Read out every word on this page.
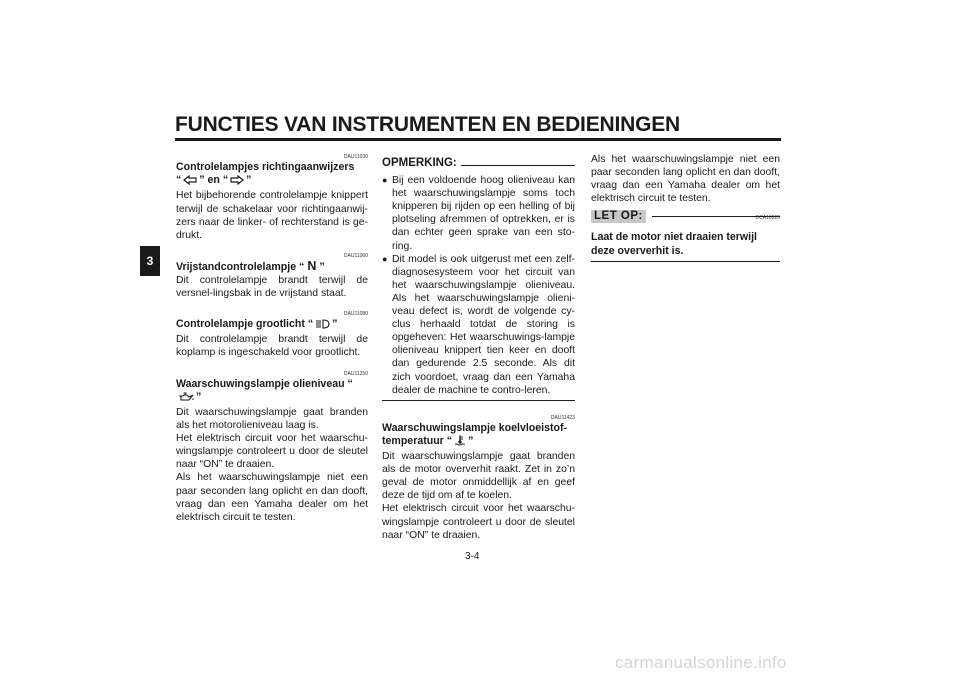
FUNCTIES VAN INSTRUMENTEN EN BEDIENINGEN
3
DAU11030
Controlelampjes richtingaanwijzers
“ ” en “ ”
Het bijbehorende controlelampje knippert terwijl de schakelaar voor richtingaanwij-zers naar de linker- of rechterstand is ge-drukt.
DAU11060
Vrijstandcontrolelampje “ N ”
Dit controlelampje brandt terwijl de versnel-lingsbak in de vrijstand staat.
DAU11080
Controlelampje grootlicht “ ”
Dit controlelampje brandt terwijl de koplamp is ingeschakeld voor grootlicht.
DAU11250
Waarschuwingslampje olieniveau “”
Dit waarschuwingslampje gaat branden als het motorolieniveau laag is.
Het elektrisch circuit voor het waarschu-wingslampje controleert u door de sleutel naar “ON” te draaien.
Als het waarschuwingslampje niet een paar seconden lang oplicht en dan dooft, vraag dan een Yamaha dealer om het elektrisch circuit te testen.
OPMERKING:
● Bij een voldoende hoog olieniveau kan het waarschuwingslampje soms toch knipperen bij rijden op een helling of bij plotseling afremmen of optrekken, er is dan echter geen sprake van een sto-ring.
● Dit model is ook uitgerust met een zelf-diagnosesysteem voor het circuit van het waarschuwingslampje olieniveau. Als het waarschuwingslampje olieni-veau defect is, wordt de volgende cy-clus herhaald totdat de storing is opgeheven: Het waarschuwings-lampje olieniveau knippert tien keer en dooft dan gedurende 2.5 seconde. Als dit zich voordoet, vraag dan een Yamaha dealer de machine te contro-leren.
DAU11423
Waarschuwingslampje koelvloeistof-
temperatuur “ ”
Dit waarschuwingslampje gaat branden als de motor oververhit raakt. Zet in zo’n geval de motor onmiddellijk af en geef deze de tijd om af te koelen.
Het elektrisch circuit voor het waarschu-wingslampje controleert u door de sleutel naar “ON” te draaien.
Als het waarschuwingslampje niet een paar seconden lang oplicht en dan dooft, vraag dan een Yamaha dealer om het elektrisch circuit te testen.
LET OP:	DCA10020
Laat de motor niet draaien terwijl deze oververhit is.
3-4
carmanualsonline.info
